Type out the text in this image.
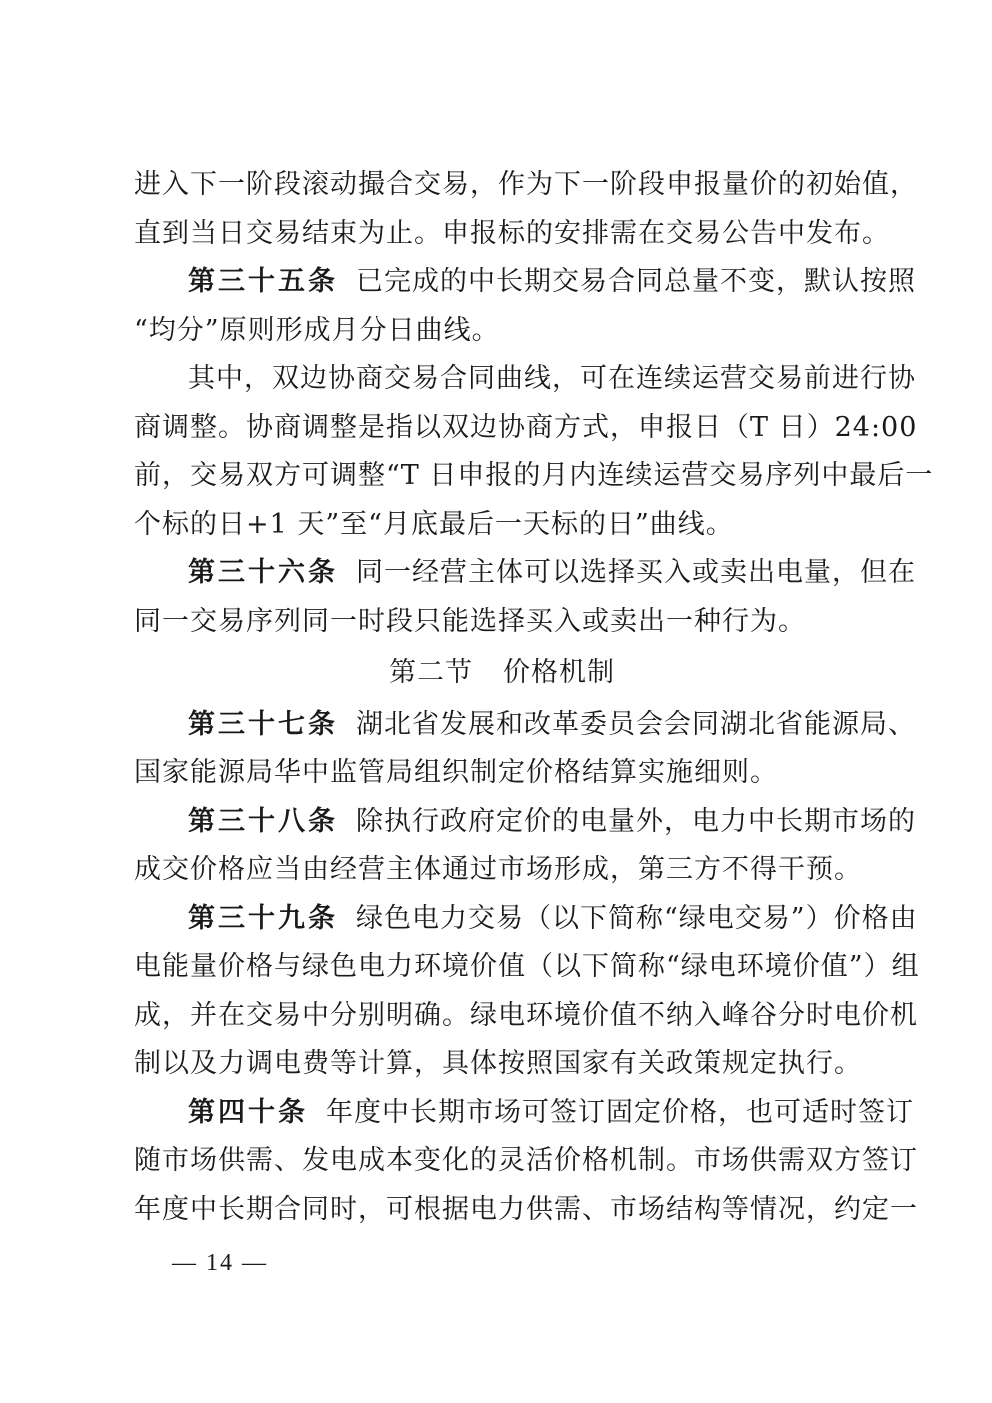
进入下一阶段滚动撮合交易，作为下一阶段申报量价的初始值，
直到当日交易结束为止。申报标的安排需在交易公告中发布。
第三十五条 已完成的中长期交易合同总量不变，默认按照
“均分”原则形成月分日曲线。
其中，双边协商交易合同曲线，可在连续运营交易前进行协
商调整。协商调整是指以双边协商方式，申报日（T 日）24:00
前，交易双方可调整“T 日申报的月内连续运营交易序列中最后一
个标的日+1 天”至“月底最后一天标的日”曲线。
第三十六条 同一经营主体可以选择买入或卖出电量，但在
同一交易序列同一时段只能选择买入或卖出一种行为。
第二节 价格机制
第三十七条 湖北省发展和改革委员会会同湖北省能源局、
国家能源局华中监管局组织制定价格结算实施细则。
第三十八条 除执行政府定价的电量外，电力中长期市场的
成交价格应当由经营主体通过市场形成，第三方不得干预。
第三十九条 绿色电力交易（以下简称“绿电交易”）价格由
电能量价格与绿色电力环境价值（以下简称“绿电环境价值”）组
成，并在交易中分别明确。绿电环境价值不纳入峰谷分时电价机
制以及力调电费等计算，具体按照国家有关政策规定执行。
第四十条 年度中长期市场可签订固定价格，也可适时签订
随市场供需、发电成本变化的灵活价格机制。市场供需双方签订
年度中长期合同时，可根据电力供需、市场结构等情况，约定一
— 14 —
